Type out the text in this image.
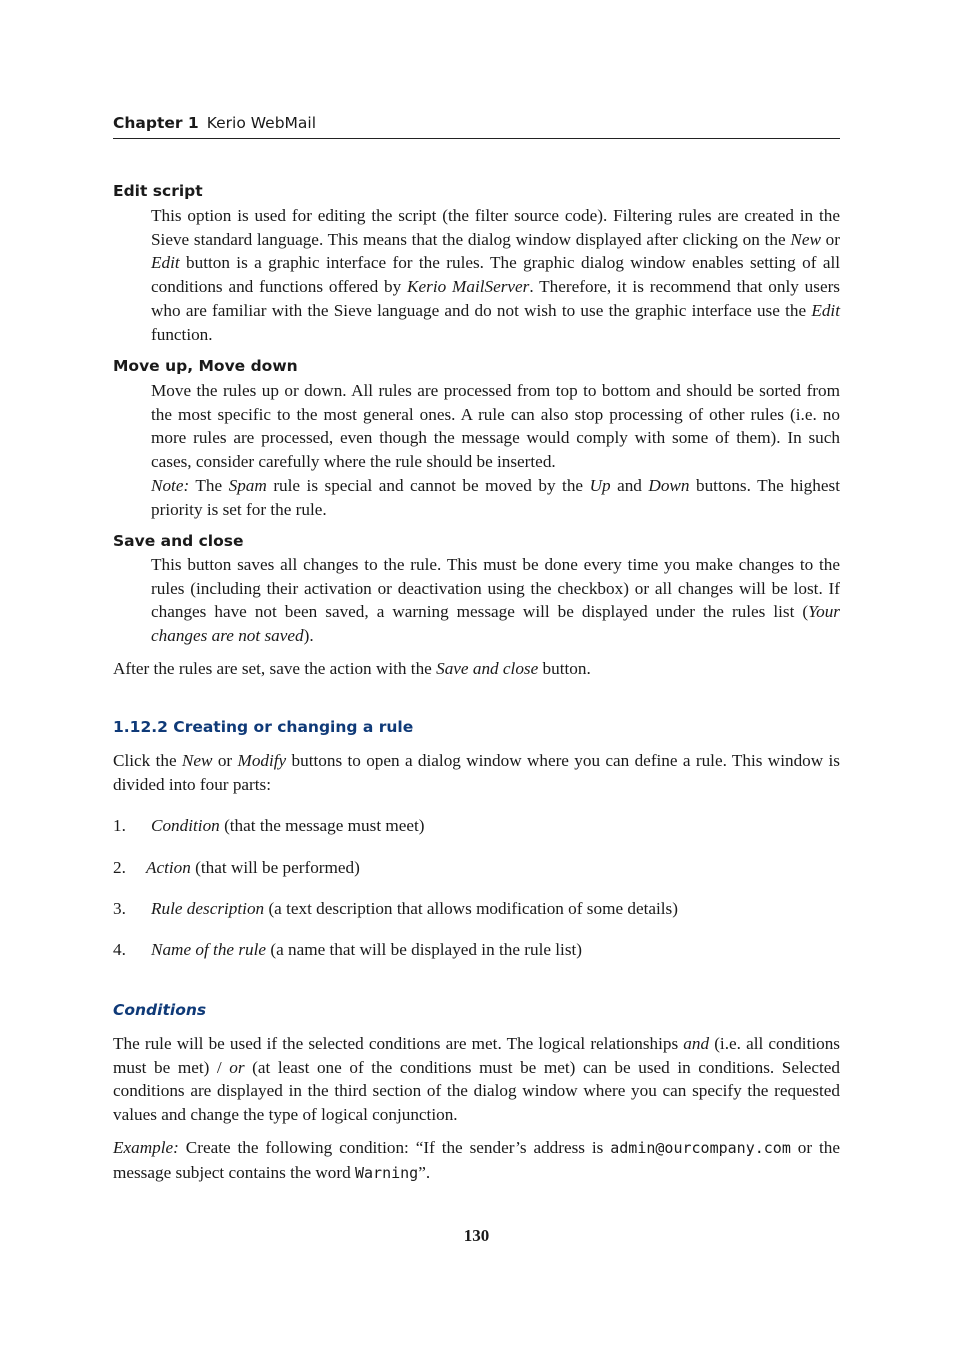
Chapter 1 Kerio WebMail
Edit script
This option is used for editing the script (the filter source code). Filtering rules are created in the Sieve standard language. This means that the dialog window displayed after clicking on the New or Edit button is a graphic interface for the rules. The graphic dialog window enables setting of all conditions and functions offered by Kerio MailServer. Therefore, it is recommend that only users who are familiar with the Sieve language and do not wish to use the graphic interface use the Edit function.
Move up, Move down
Move the rules up or down. All rules are processed from top to bottom and should be sorted from the most specific to the most general ones. A rule can also stop processing of other rules (i.e. no more rules are processed, even though the message would comply with some of them). In such cases, consider carefully where the rule should be inserted.
Note: The Spam rule is special and cannot be moved by the Up and Down buttons. The highest priority is set for the rule.
Save and close
This button saves all changes to the rule. This must be done every time you make changes to the rules (including their activation or deactivation using the checkbox) or all changes will be lost. If changes have not been saved, a warning message will be displayed under the rules list (Your changes are not saved).
After the rules are set, save the action with the Save and close button.
1.12.2 Creating or changing a rule
Click the New or Modify buttons to open a dialog window where you can define a rule. This window is divided into four parts:
1. Condition (that the message must meet)
2. Action (that will be performed)
3. Rule description (a text description that allows modification of some details)
4. Name of the rule (a name that will be displayed in the rule list)
Conditions
The rule will be used if the selected conditions are met. The logical relationships and (i.e. all conditions must be met) / or (at least one of the conditions must be met) can be used in conditions. Selected conditions are displayed in the third section of the dialog window where you can specify the requested values and change the type of logical conjunction.
Example: Create the following condition: “If the sender’s address is admin@ourcompany.com or the message subject contains the word Warning”.
130
